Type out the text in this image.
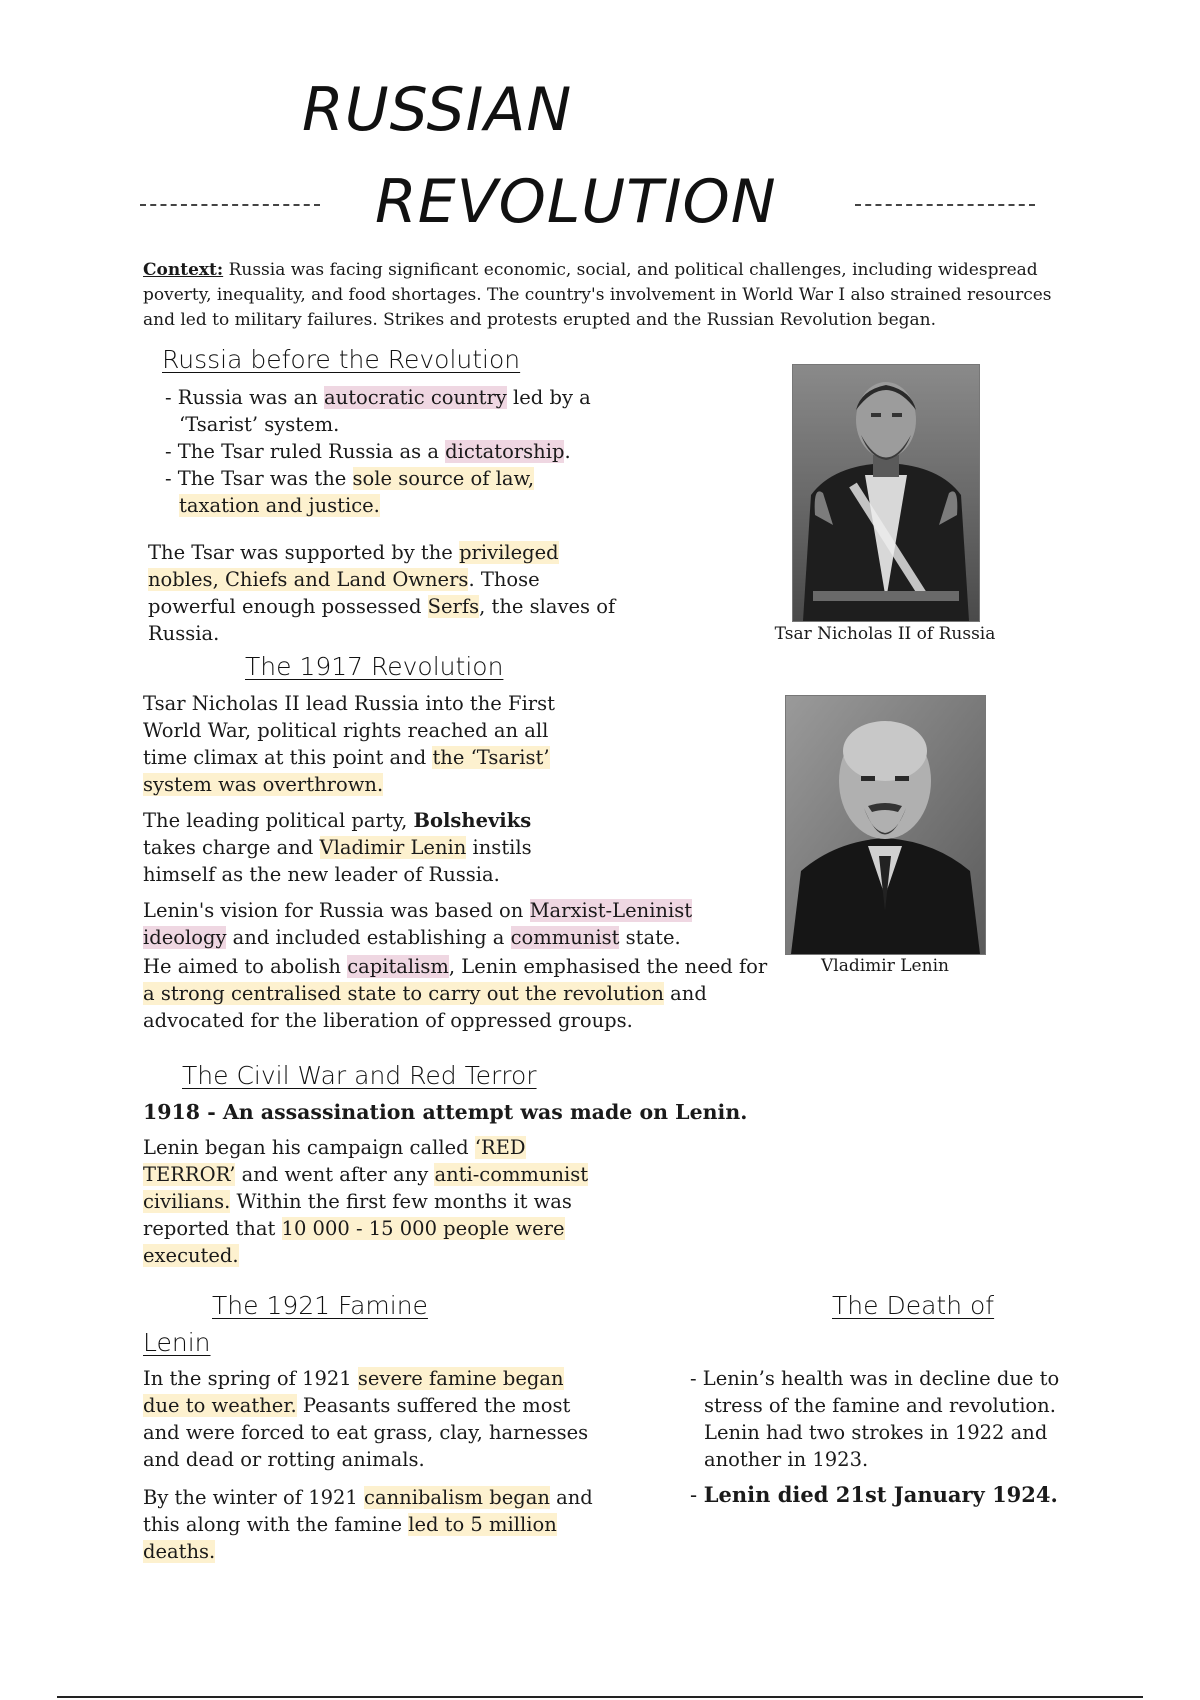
RUSSIAN
REVOLUTION
Context: Russia was facing significant economic, social, and political challenges, including widespread poverty, inequality, and food shortages. The country's involvement in World War I also strained resources and led to military failures. Strikes and protests erupted and the Russian Revolution began.
Russia before the Revolution
- Russia was an autocratic country led by a ‘Tsarist’ system.
- The Tsar ruled Russia as a dictatorship.
- The Tsar was the sole source of law, taxation and justice.

The Tsar was supported by the privileged nobles, Chiefs and Land Owners. Those powerful enough possessed Serfs, the slaves of Russia.	Tsar Nicholas II of Russia
The 1917 Revolution

Tsar Nicholas II lead Russia into the First World War, political rights reached an all time climax at this point and the ‘Tsarist’ system was overthrown.

The leading political party, Bolsheviks takes charge and Vladimir Lenin instils himself as the new leader of Russia.

Lenin's vision for Russia was based on Marxist-Leninist ideology and included establishing a communist state.

He aimed to abolish capitalism, Lenin emphasised the need for a strong centralised state to carry out the revolution and advocated for the liberation of oppressed groups.

Vladimir Lenin
The Civil War and Red Terror
1918 - An assassination attempt was made on Lenin.

Lenin began his campaign called ‘RED TERROR’ and went after any anti-communist civilians. Within the first few months it was reported that 10 000 - 15 000 people were executed.

The 1921 Famine	The Death of
Lenin

In the spring of 1921 severe famine began due to weather. Peasants suffered the most and were forced to eat grass, clay, harnesses and dead or rotting animals.

By the winter of 1921 cannibalism began and this along with the famine led to 5 million deaths.

- Lenin’s health was in decline due to stress of the famine and revolution. Lenin had two strokes in 1922 and another in 1923.
- Lenin died 21st January 1924.
